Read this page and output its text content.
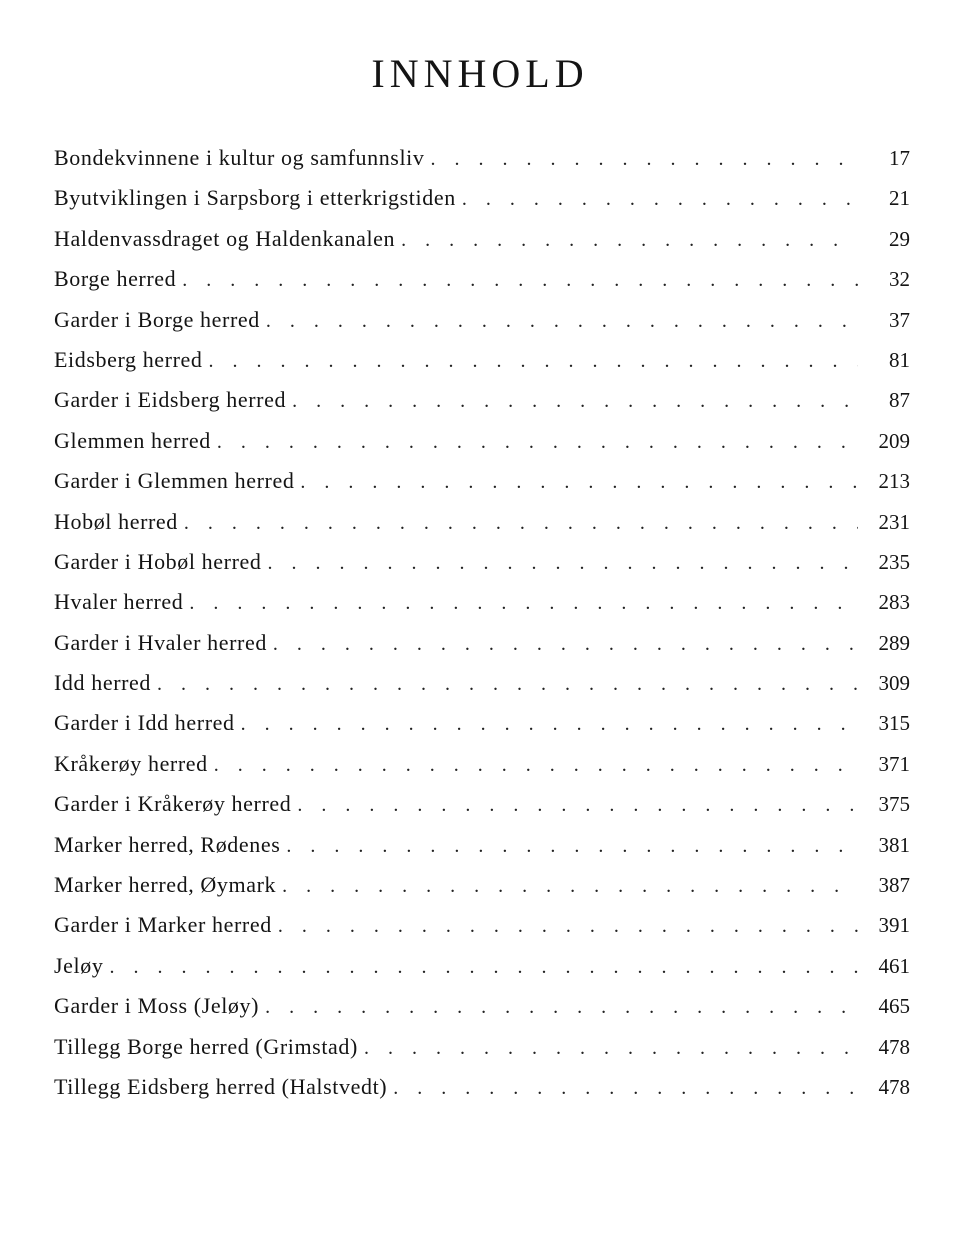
INNHOLD
Bondekvinnene i kultur og samfunnsliv . . .	17
Byutviklingen i Sarpsborg i etterkrigstiden . . .	21
Haldenvassdraget og Haldenkanalen . . .	29
Borge herred . . .	32
Garder i Borge herred . . .	37
Eidsberg herred . . .	81
Garder i Eidsberg herred . . .	87
Glemmen herred . . .	209
Garder i Glemmen herred . . .	213
Hobøl herred . . .	231
Garder i Hobøl herred . . .	235
Hvaler herred . . .	283
Garder i Hvaler herred . . .	289
Idd herred . . .	309
Garder i Idd herred . . .	315
Kråkerøy herred . . .	371
Garder i Kråkerøy herred . . .	375
Marker herred, Rødenes . . .	381
Marker herred, Øymark . . .	387
Garder i Marker herred . . .	391
Jeløy . . .	461
Garder i Moss (Jeløy) . . .	465
Tillegg Borge herred (Grimstad) . . .	478
Tillegg Eidsberg herred (Halstvedt) . . .	478
